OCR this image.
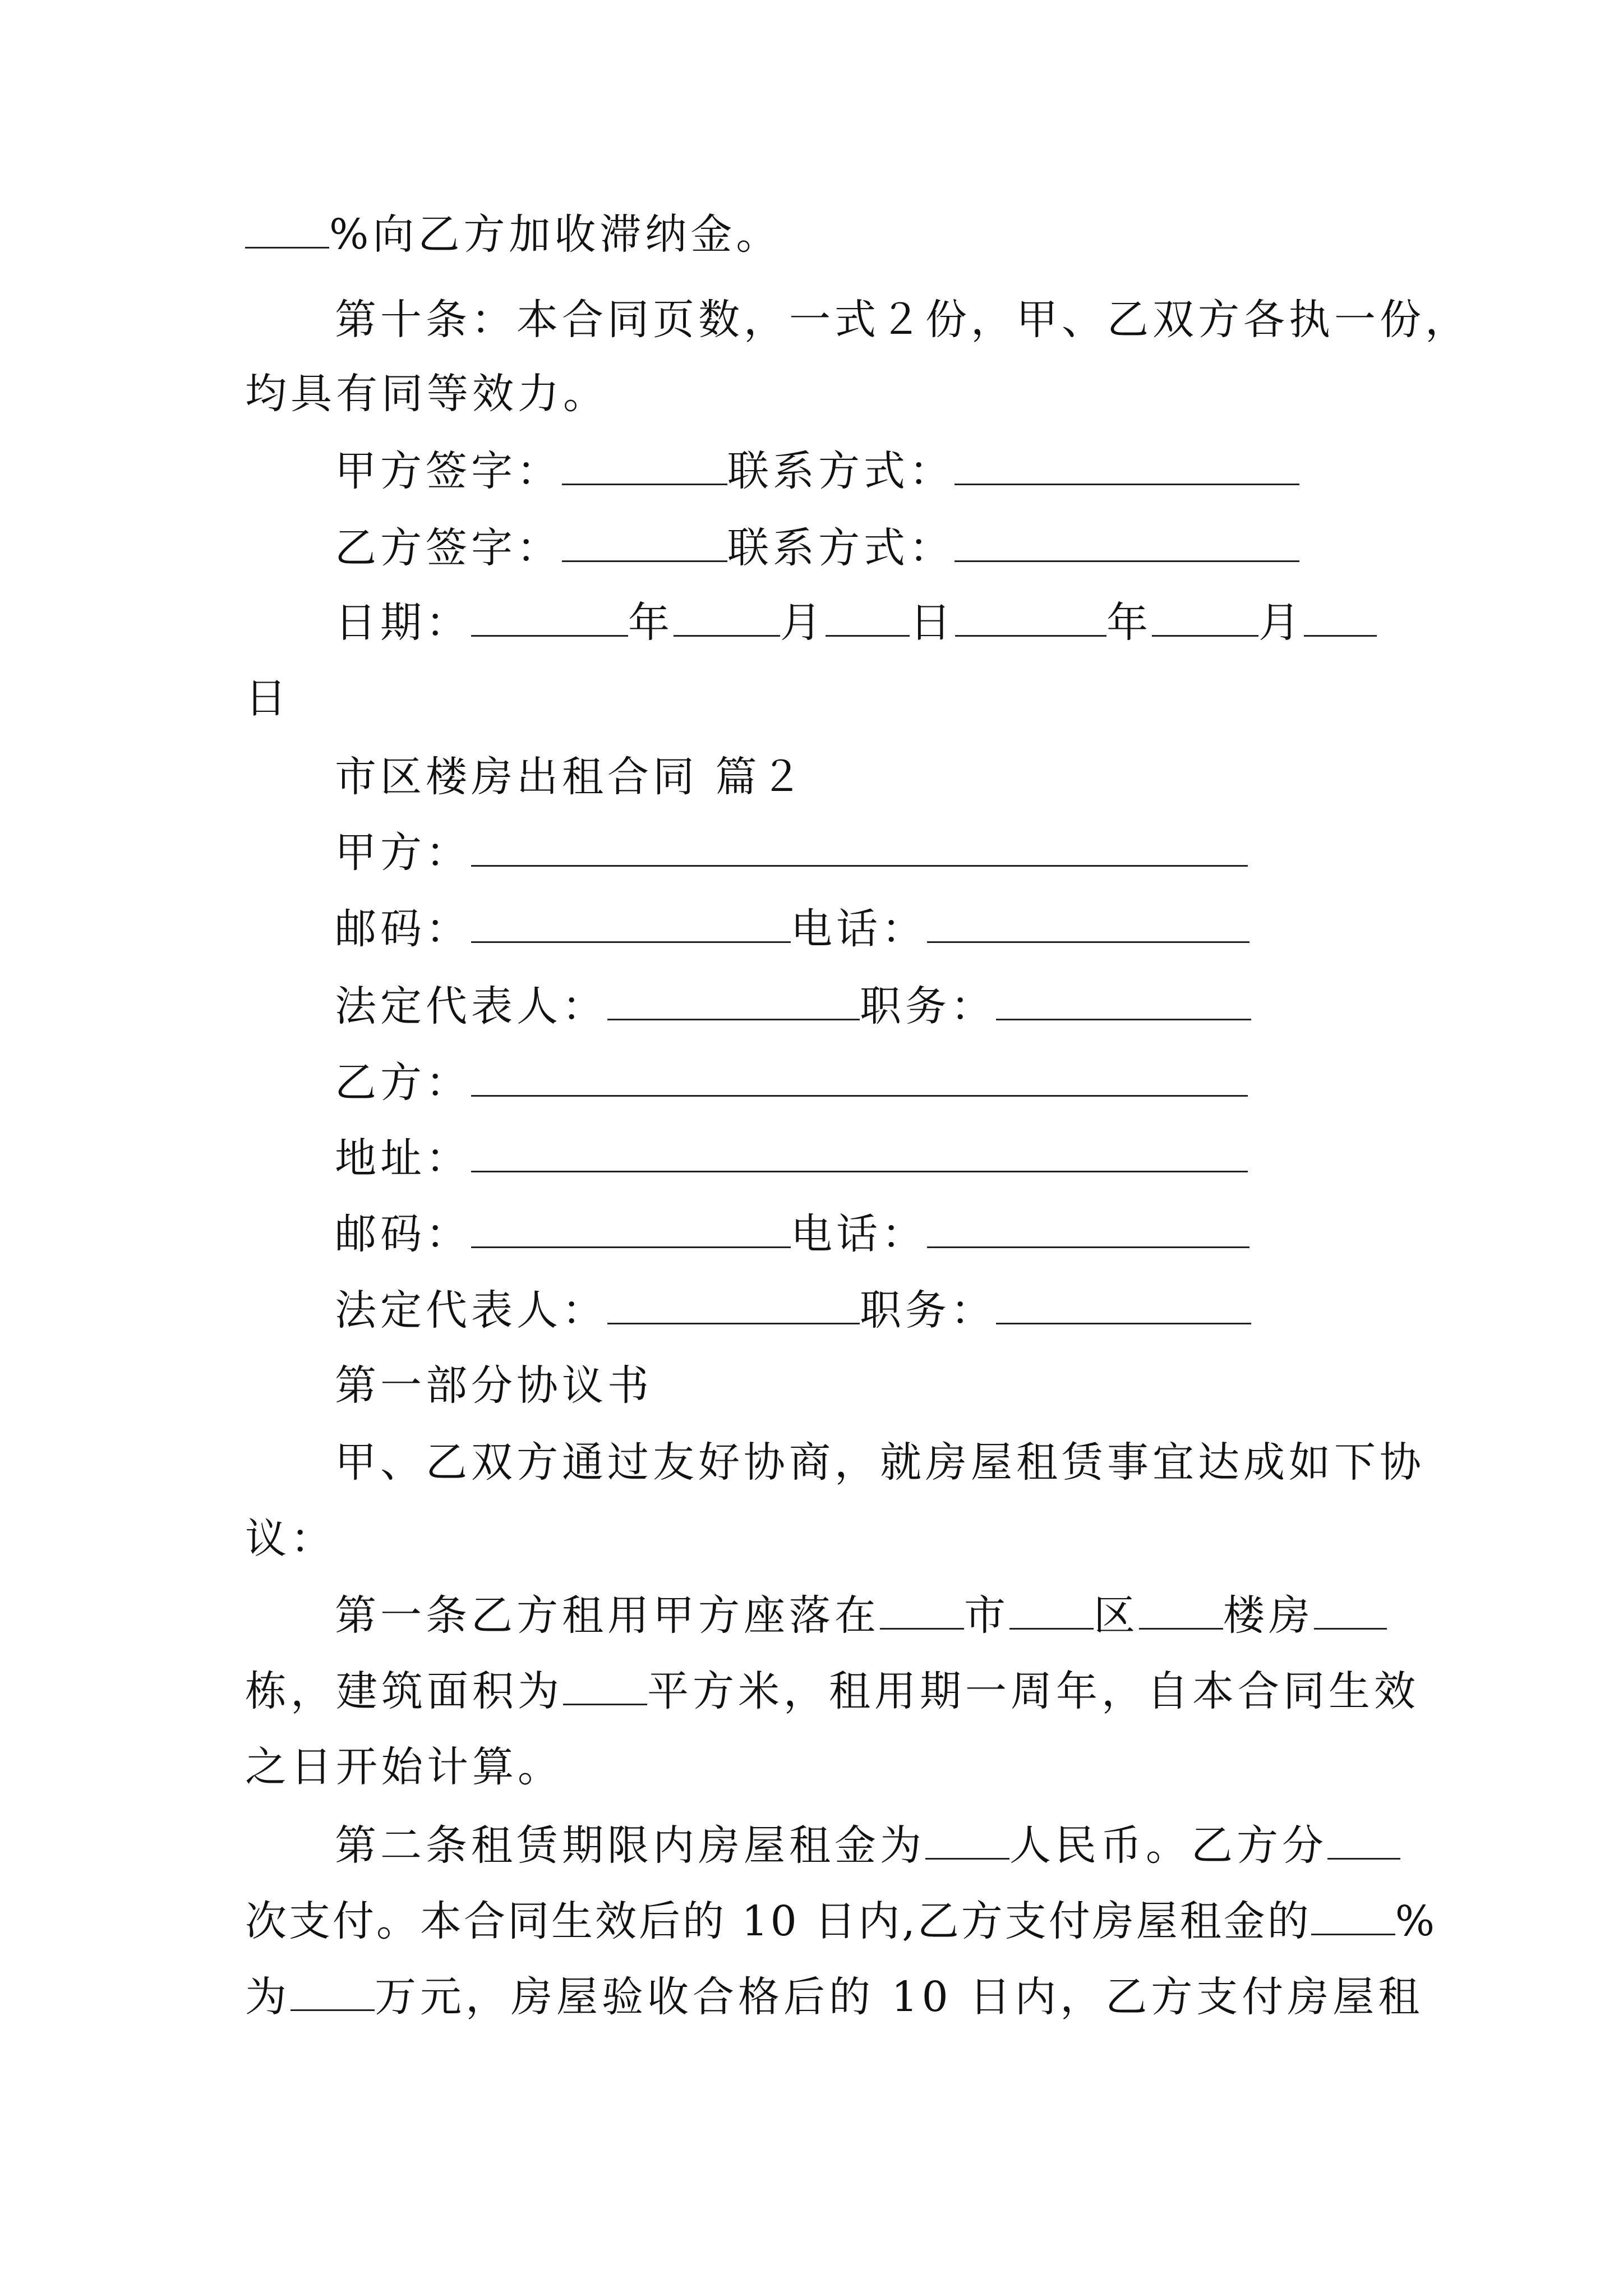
%向乙方加收滞纳金。
第十条：本合同页数，一式２份，甲、乙双方各执一份，
均具有同等效力。
甲方签字：	联系方式：
乙方签字：	联系方式：
日期：	年	月 日	年	月
日
市区楼房出租合同 篇２
甲方：
邮码：	电话：
法定代表人：	职务：
乙方：
地址：
邮码：	电话：
法定代表人：	职务：
第一部分协议书
甲、乙双方通过友好协商，就房屋租赁事宜达成如下协
议：
第一条乙方租用甲方座落在 市 区 楼房
栋，建筑面积为 平方米，租用期一周年，自本合同生效
之日开始计算。
第二条租赁期限内房屋租金为 人民币。乙方分
次支付。本合同生效后的 10 日内,乙方支付房屋租金的 %
为 万元，房屋验收合格后的 10 日内，乙方支付房屋租
